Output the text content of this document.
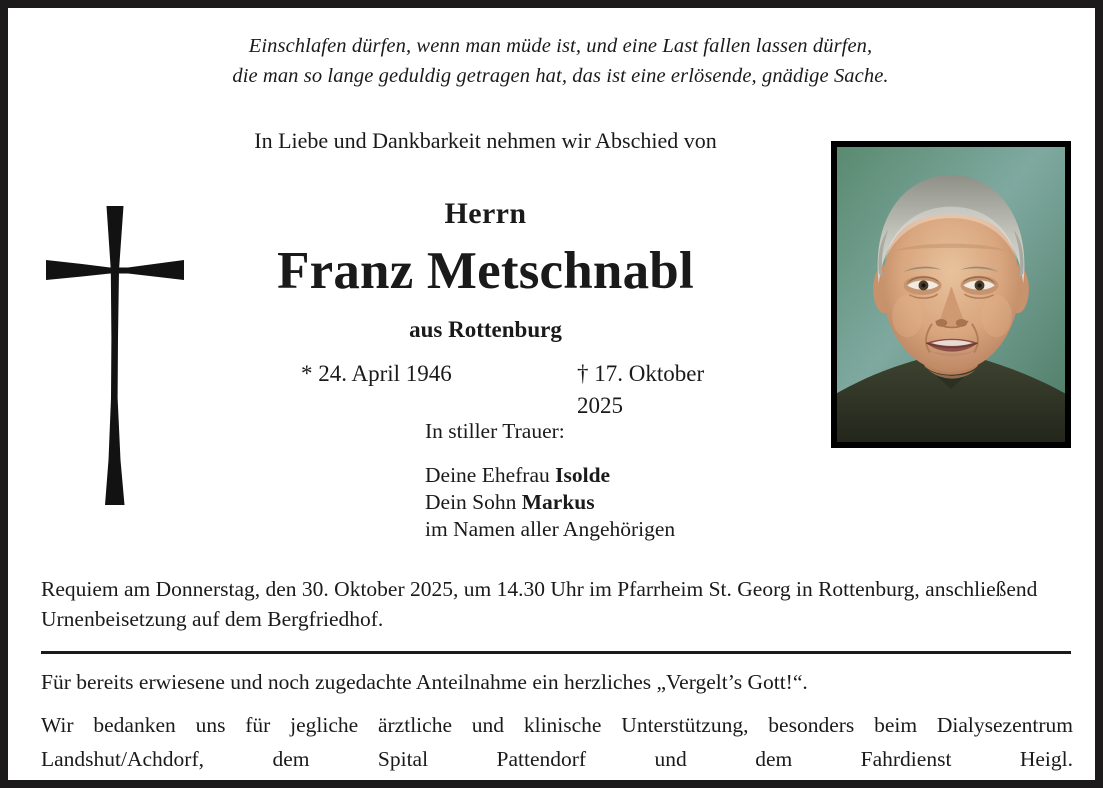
Einschlafen dürfen, wenn man müde ist, und eine Last fallen lassen dürfen,
die man so lange geduldig getragen hat, das ist eine erlösende, gnädige Sache.
In Liebe und Dankbarkeit nehmen wir Abschied von
Herrn
Franz Metschnabl
aus Rottenburg
* 24. April 1946	† 17. Oktober 2025
In stiller Trauer:
Deine Ehefrau Isolde
Dein Sohn Markus
im Namen aller Angehörigen
Requiem am Donnerstag, den 30. Oktober 2025, um 14.30 Uhr im Pfarrheim St. Georg in Rottenburg, anschließend Urnenbeisetzung auf dem Bergfriedhof.
Für bereits erwiesene und noch zugedachte Anteilnahme ein herzliches „Vergelt’s Gott!“.
Wir bedanken uns für jegliche ärztliche und klinische Unterstützung, besonders beim Dialysezentrum Landshut/Achdorf, dem Spital Pattendorf und dem Fahrdienst Heigl.
